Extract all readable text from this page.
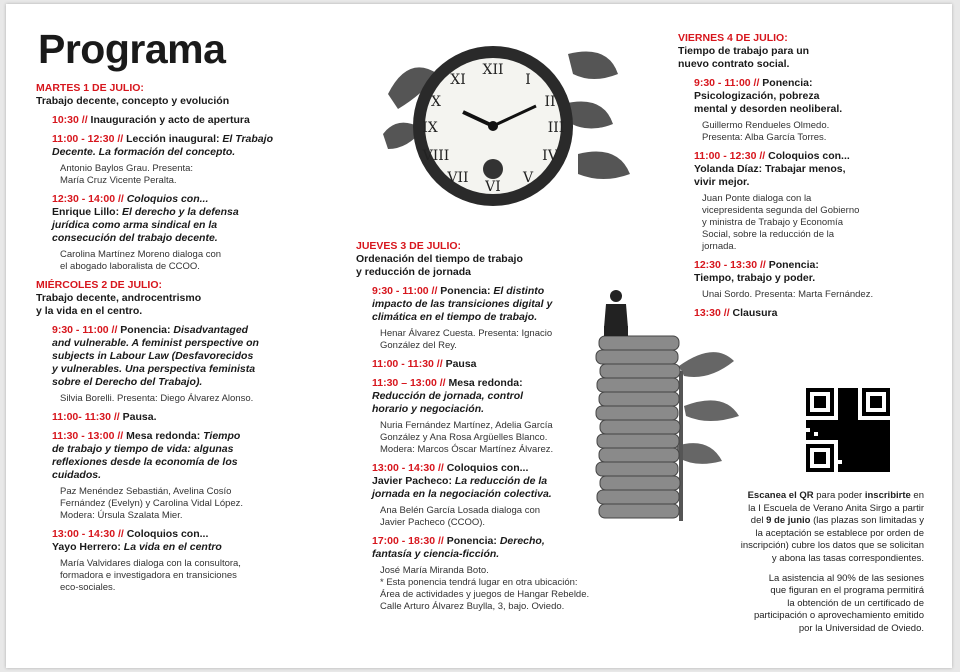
Programa
MARTES 1 DE JULIO:
Trabajo decente, concepto y evolución
10:30 // Inauguración y acto de apertura
11:00 - 12:30 // Lección inaugural: El Trabajo
Decente. La formación del concepto.
Antonio Baylos Grau. Presenta:
María Cruz Vicente Peralta.
12:30 - 14:00 // Coloquios con...
Enrique Lillo: El derecho y la defensa
jurídica como arma sindical en la
consecución del trabajo decente.
Carolina Martínez Moreno dialoga con
el abogado laboralista de CCOO.
MIÉRCOLES 2 DE JULIO:
Trabajo decente, androcentrismo
y la vida en el centro.
9:30 - 11:00 // Ponencia: Disadvantaged
and vulnerable. A feminist perspective on
subjects in Labour Law (Desfavorecidos
y vulnerables. Una perspectiva feminista
sobre el Derecho del Trabajo).
Silvia Borelli. Presenta: Diego Álvarez Alonso.
11:00- 11:30 // Pausa.
11:30 - 13:00 // Mesa redonda: Tiempo
de trabajo y tiempo de vida: algunas
reflexiones desde la economía de los
cuidados.
Paz Menéndez Sebastián, Avelina Cosío
Fernández (Evelyn) y Carolina Vidal López.
Modera: Úrsula Szalata Mier.
13:00 - 14:30 // Coloquios con...
Yayo Herrero: La vida en el centro
María Valvidares dialoga con la consultora,
formadora e investigadora en transiciones
eco-sociales.
JUEVES 3 DE JULIO:
Ordenación del tiempo de trabajo
y reducción de jornada
9:30 - 11:00 // Ponencia: El distinto
impacto de las transiciones digital y
climática en el tiempo de trabajo.
Henar Álvarez Cuesta. Presenta: Ignacio
González del Rey.
11:00 - 11:30 // Pausa
11:30 – 13:00 // Mesa redonda:
Reducción de jornada, control
horario y negociación.
Nuria Fernández Martínez, Adelia García
González y Ana Rosa Argüelles Blanco.
Modera: Marcos Óscar Martínez Álvarez.
13:00 - 14:30 // Coloquios con...
Javier Pacheco: La reducción de la
jornada en la negociación colectiva.
Ana Belén García Losada dialoga con
Javier Pacheco (CCOO).
17:00 - 18:30 // Ponencia: Derecho,
fantasía y ciencia-ficción.
José María Miranda Boto.
* Esta ponencia tendrá lugar en otra ubicación:
Área de actividades y juegos de Hangar Rebelde.
Calle Arturo Álvarez Buylla, 3, bajo. Oviedo.
VIERNES 4 DE JULIO:
Tiempo de trabajo para un
nuevo contrato social.
9:30 - 11:00 // Ponencia:
Psicologización, pobreza
mental y desorden neoliberal.
Guillermo Rendueles Olmedo.
Presenta: Alba García Torres.
11:00 - 12:30 // Coloquios con...
Yolanda Díaz: Trabajar menos,
vivir mejor.
Juan Ponte dialoga con la
vicepresidenta segunda del Gobierno
y ministra de Trabajo y Economía
Social, sobre la reducción de la
jornada.
12:30 - 13:30 // Ponencia:
Tiempo, trabajo y poder.
Unai Sordo. Presenta: Marta Fernández.
13:30 // Clausura
XII
I
II
III
IV
V
VI
VII
VIII
IX
X
XI
Escanea el QR para poder inscribirte en
la I Escuela de Verano Anita Sirgo a partir
del 9 de junio (las plazas son limitadas y
la aceptación se establece por orden de
inscripción) cubre los datos que se solicitan
y abona las tasas correspondientes.
La asistencia al 90% de las sesiones
que figuran en el programa permitirá
la obtención de un certificado de
participación o aprovechamiento emitido
por la Universidad de Oviedo.
